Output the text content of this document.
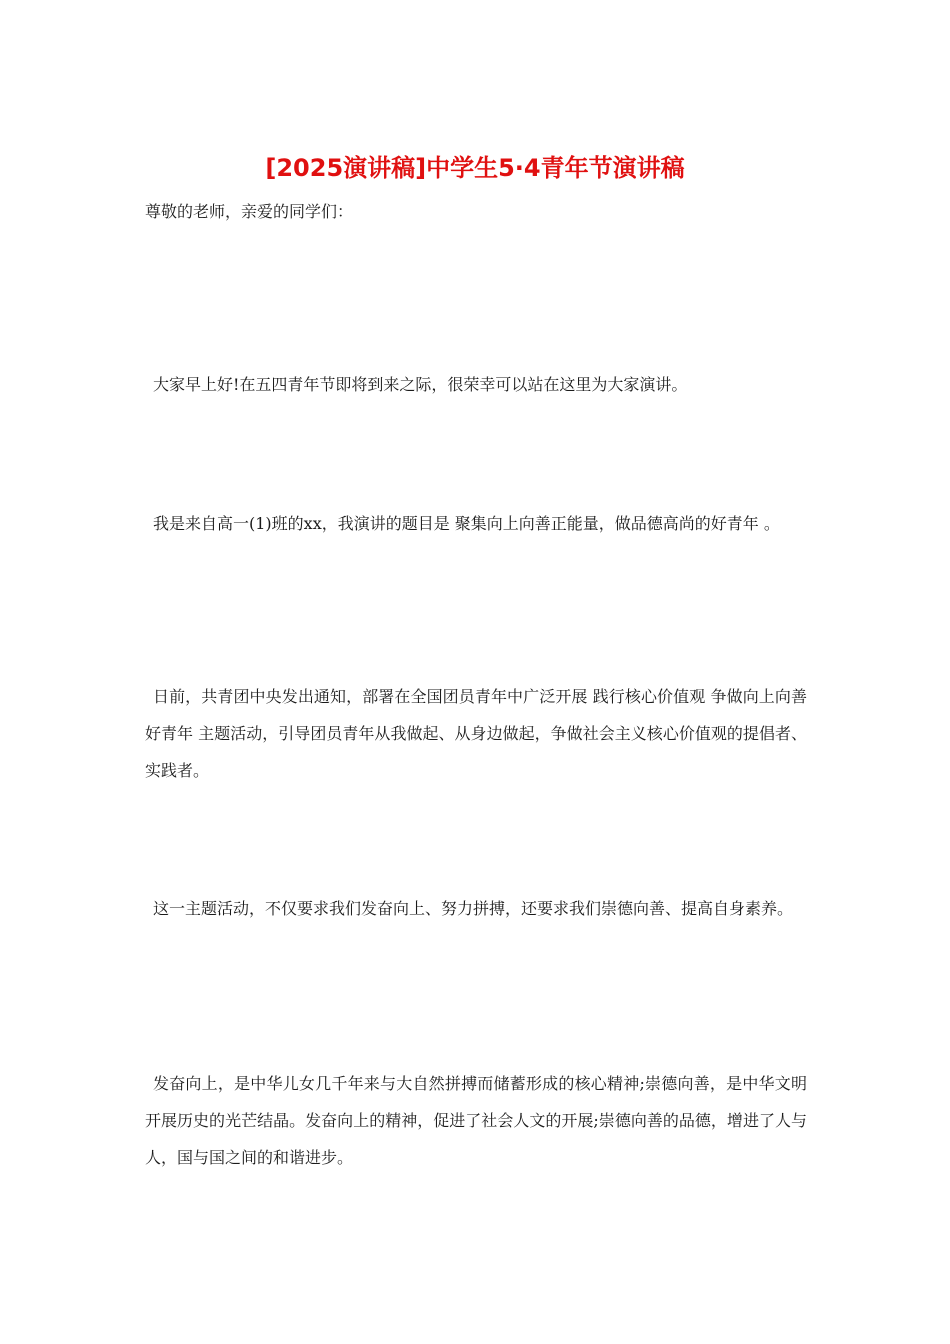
[2025演讲稿]中学生5·4青年节演讲稿

尊敬的老师，亲爱的同学们：

大家早上好!在五四青年节即将到来之际，很荣幸可以站在这里为大家演讲。

我是来自高一(1)班的xx，我演讲的题目是 聚集向上向善正能量，做品德高尚的好青年 。

日前，共青团中央发出通知，部署在全国团员青年中广泛开展 践行核心价值观 争做向上向善好青年 主题活动，引导团员青年从我做起、从身边做起，争做社会主义核心价值观的提倡者、实践者。

这一主题活动，不仅要求我们发奋向上、努力拼搏，还要求我们崇德向善、提高自身素养。

发奋向上，是中华儿女几千年来与大自然拼搏而储蓄形成的核心精神;崇德向善，是中华文明开展历史的光芒结晶。发奋向上的精神，促进了社会人文的开展;崇德向善的品德，增进了人与人，国与国之间的和谐进步。
